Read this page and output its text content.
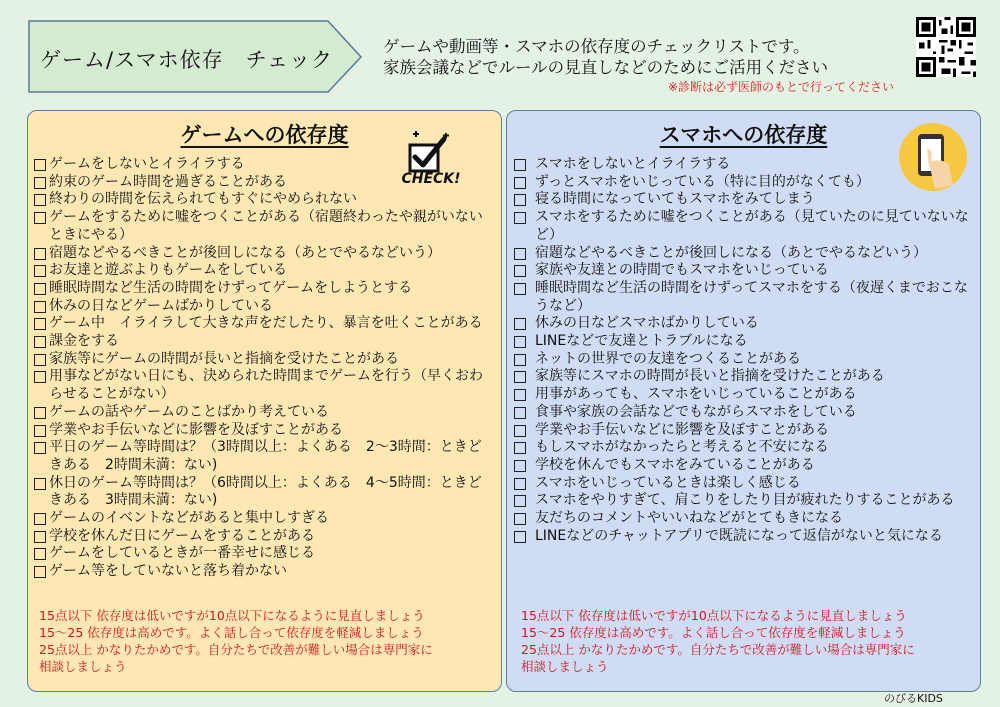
ゲーム/スマホ依存　チェック
ゲームや動画等・スマホの依存度のチェックリストです。
家族会議などでルールの見直しなどのためにご活用ください
※診断は必ず医師のもとで行ってください
ゲームへの依存度
CHECK!
ゲームをしないとイライラする
約束のゲーム時間を過ぎることがある
終わりの時間を伝えられてもすぐにやめられない
ゲームをするために嘘をつくことがある（宿題終わったや親がいないときにやる）
宿題などやるべきことが後回しになる（あとでやるなどいう）
お友達と遊ぶよりもゲームをしている
睡眠時間など生活の時間をけずってゲームをしようとする
休みの日などゲームばかりしている
ゲーム中　イライラして大きな声をだしたり、暴言を吐くことがある
課金をする
家族等にゲームの時間が長いと指摘を受けたことがある
用事などがない日にも、決められた時間までゲームを行う（早くおわらせることがない）
ゲームの話やゲームのことばかり考えている
学業やお手伝いなどに影響を及ぼすことがある
平日のゲーム等時間は？（3時間以上：よくある　2～3時間：ときどきある　2時間未満：ない)
休日のゲーム等時間は？（6時間以上：よくある　4～5時間：ときどきある　3時間未満：ない)
ゲームのイベントなどがあると集中しすぎる
学校を休んだ日にゲームをすることがある
ゲームをしているときが一番幸せに感じる
ゲーム等をしていないと落ち着かない
15点以下 依存度は低いですが10点以下になるように見直しましょう
15～25 依存度は高めです。よく話し合って依存度を軽減しましょう
25点以上 かなりたかめです。自分たちで改善が難しい場合は専門家に
相談しましょう
スマホへの依存度
スマホをしないとイライラする
ずっとスマホをいじっている（特に目的がなくても）
寝る時間になっていてもスマホをみてしまう
スマホをするために嘘をつくことがある（見ていたのに見ていないなど）
宿題などやるべきことが後回しになる（あとでやるなどいう）
家族や友達との時間でもスマホをいじっている
睡眠時間など生活の時間をけずってスマホをする（夜遅くまでおこなうなど）
休みの日などスマホばかりしている
LINEなどで友達とトラブルになる
ネットの世界での友達をつくることがある
家族等にスマホの時間が長いと指摘を受けたことがある
用事があっても、スマホをいじっていることがある
食事や家族の会話などでもながらスマホをしている
学業やお手伝いなどに影響を及ぼすことがある
もしスマホがなかったらと考えると不安になる
学校を休んでもスマホをみていることがある
スマホをいじっているときは楽しく感じる
スマホをやりすぎて、肩こりをしたり目が疲れたりすることがある
友だちのコメントやいいねなどがとてもきになる
LINEなどのチャットアプリで既読になって返信がないと気になる
15点以下 依存度は低いですが10点以下になるように見直しましょう
15～25 依存度は高めです。よく話し合って依存度を軽減しましょう
25点以上 かなりたかめです。自分たちで改善が難しい場合は専門家に
相談しましょう
のびるKIDS
